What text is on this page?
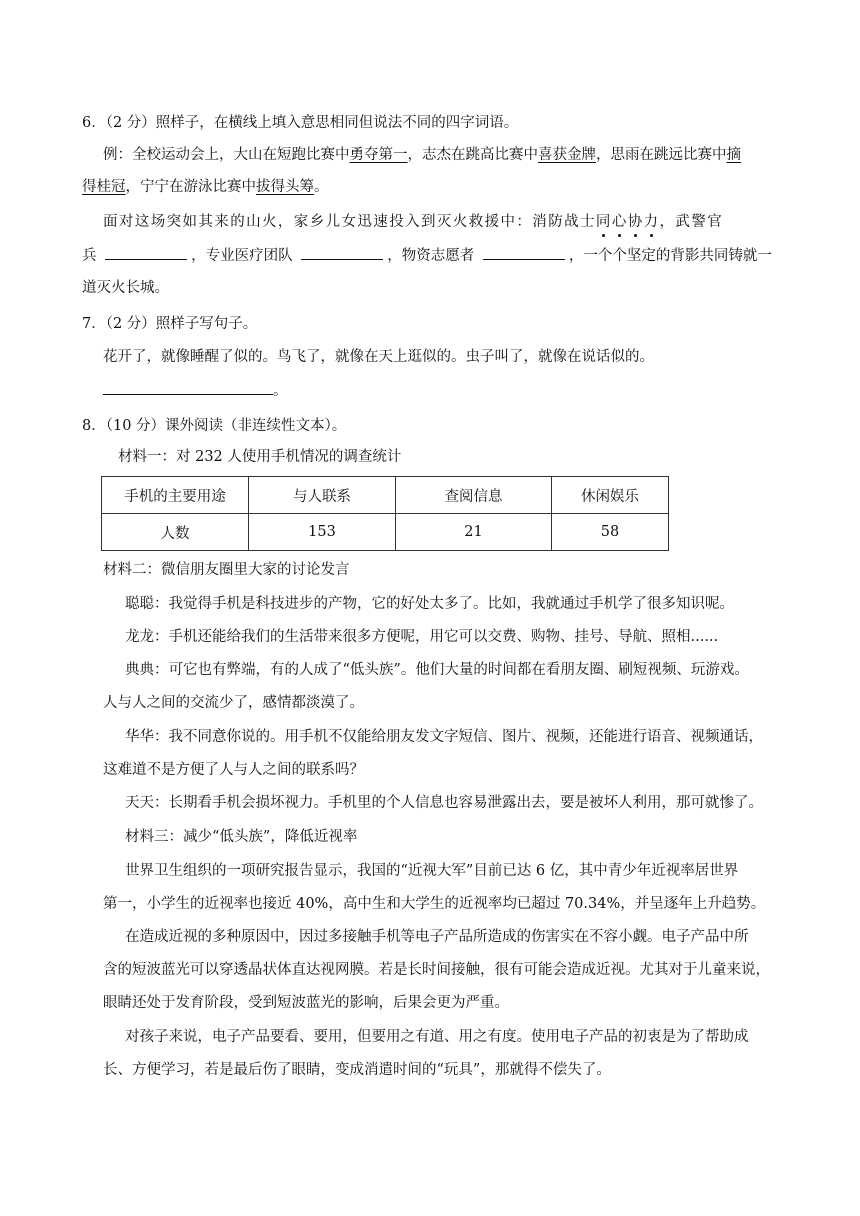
6．（2 分）照样子，在横线上填入意思相同但说法不同的四字词语。
例：全校运动会上，大山在短跑比赛中勇夺第一，志杰在跳高比赛中喜获金牌，思雨在跳远比赛中摘
得桂冠，宁宁在游泳比赛中拔得头筹。
面对这场突如其来的山火，家乡儿女迅速投入到灭火救援中：消防战士同心协力，武警官
兵	，专业医疗团队	，物资志愿者	，一个个坚定的背影共同铸就一
道灭火长城。
7．（2 分）照样子写句子。
花开了，就像睡醒了似的。鸟飞了，就像在天上逛似的。虫子叫了，就像在说话似的。
。
8．（10 分）课外阅读（非连续性文本）。
材料一：对 232 人使用手机情况的调查统计
手机的主要用途	与人联系	查阅信息	休闲娱乐
人数	153	21	58
材料二：微信朋友圈里大家的讨论发言
聪聪：我觉得手机是科技进步的产物，它的好处太多了。比如，我就通过手机学了很多知识呢。
龙龙：手机还能给我们的生活带来很多方便呢，用它可以交费、购物、挂号、导航、照相......
典典：可它也有弊端，有的人成了“低头族”。他们大量的时间都在看朋友圈、刷短视频、玩游戏。
人与人之间的交流少了，感情都淡漠了。
华华：我不同意你说的。用手机不仅能给朋友发文字短信、图片、视频，还能进行语音、视频通话，
这难道不是方便了人与人之间的联系吗？
天天：长期看手机会损坏视力。手机里的个人信息也容易泄露出去，要是被坏人利用，那可就惨了。
材料三：减少“低头族”，降低近视率
世界卫生组织的一项研究报告显示，我国的“近视大军”目前已达 6 亿，其中青少年近视率居世界
第一，小学生的近视率也接近 40%，高中生和大学生的近视率均已超过 70.34%，并呈逐年上升趋势。
在造成近视的多种原因中，因过多接触手机等电子产品所造成的伤害实在不容小觑。电子产品中所
含的短波蓝光可以穿透晶状体直达视网膜。若是长时间接触，很有可能会造成近视。尤其对于儿童来说，
眼睛还处于发育阶段，受到短波蓝光的影响，后果会更为严重。
对孩子来说，电子产品要看、要用，但要用之有道、用之有度。使用电子产品的初衷是为了帮助成
长、方便学习，若是最后伤了眼睛，变成消遣时间的“玩具”，那就得不偿失了。
